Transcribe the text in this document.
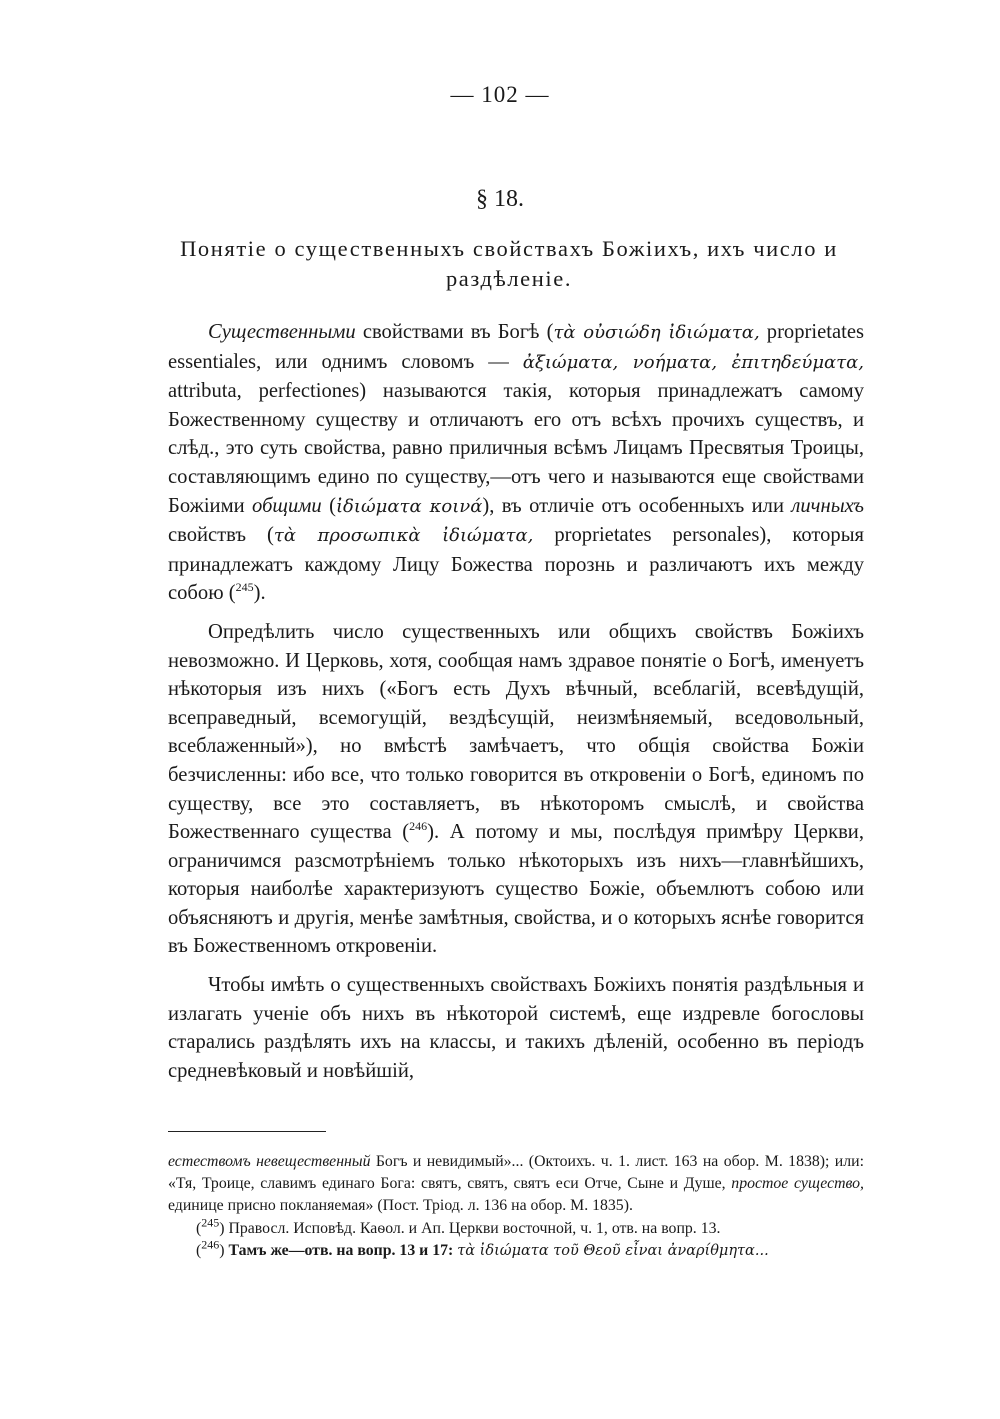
— 102 —
§ 18.
Понятіе о существенныхъ свойствахъ Божіихъ, ихъ число и раздѣленіе.

Существенными свойствами въ Богѣ (τὰ οὐσιώδη ἰδιώματα, proprietates essentiales, или однимъ словомъ — ἀξιώματα, νοήματα, ἐπιτηδεύματα, attributa, perfectiones) называются такія, которыя принадлежатъ самому Божественному существу и отличаютъ его отъ всѣхъ прочихъ существъ, и слѣд., это суть свойства, равно приличныя всѣмъ Лицамъ Пресвятыя Троицы, составляющимъ едино по существу,—отъ чего и называются еще свойствами Божіими общими (ἰδιώματα κοινά), въ отличіе отъ особенныхъ или личныхъ свойствъ (τὰ προσωπικὰ ἰδιώματα, proprietates personales), которыя принадлежатъ каждому Лицу Божества порознь и различаютъ ихъ между собою ($^{245}$).

Опредѣлить число существенныхъ или общихъ свойствъ Божіихъ невозможно. И Церковь, хотя, сообщая намъ здравое понятіе о Богѣ, именуетъ нѣкоторыя изъ нихъ («Богъ есть Духъ вѣчный, всеблагій, всевѣдущій, всеправедный, всемогущій, вездѣсущій, неизмѣняемый, вседовольный, всеблаженный»), но вмѣстѣ замѣчаетъ, что общія свойства Божіи безчисленны: ибо все, что только говорится въ откровеніи о Богѣ, единомъ по существу, все это составляетъ, въ нѣкоторомъ смыслѣ, и свойства Божественнаго существа ($^{246}$). А потому и мы, послѣдуя примѣру Церкви, ограничимся разсмотрѣніемъ только нѣкоторыхъ изъ нихъ—главнѣйшихъ, которыя наиболѣе характеризуютъ существо Божіе, объемлютъ собою или объясняютъ и другія, менѣе замѣтныя, свойства, и о которыхъ яснѣе говорится въ Божественномъ откровеніи.

Чтобы имѣть о существенныхъ свойствахъ Божіихъ понятія раздѣльныя и излагать ученіе объ нихъ въ нѣкоторой системѣ, еще издревле богословы старались раздѣлять ихъ на классы, и такихъ дѣленій, особенно въ періодъ средневѣковый и новѣйшій,

естествомъ невещественный Богъ и невидимый»... (Октоихъ. ч. 1. лист. 163 на обор. М. 1838); или: «Тя, Троице, славимъ единаго Бога: святъ, святъ, святъ еси Отче, Сыне и Душе, простое существо, единице присно покланяемая» (Пост. Тріод. л. 136 на обор. М. 1835).

($^{245}$) Правосл. Исповѣд. Каѳол. и Ап. Церкви восточной, ч. 1, отв. на вопр. 13.

($^{246}$) Тамъ же—отв. на вопр. 13 и 17: τὰ ἰδιώματα τοῦ Θεοῦ εἶναι ἀναρίθμητα...
